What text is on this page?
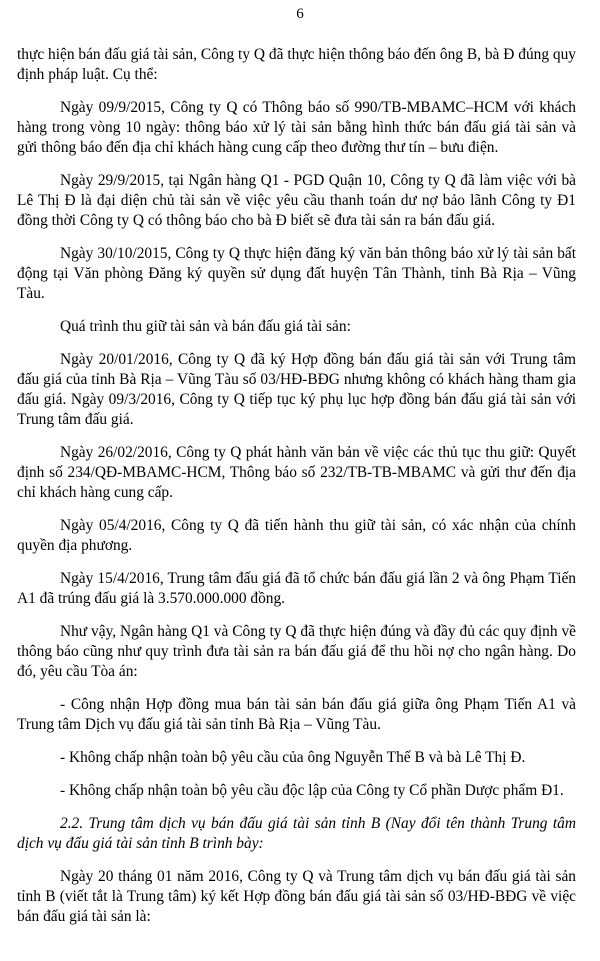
6

thực hiện bán đấu giá tài sản, Công ty Q đã thực hiện thông báo đến ông B, bà Đ đúng quy định pháp luật. Cụ thể:

Ngày 09/9/2015, Công ty Q có Thông báo số 990/TB-MBAMC–HCM với khách hàng trong vòng 10 ngày: thông báo xử lý tài sản bằng hình thức bán đấu giá tài sản và gửi thông báo đến địa chỉ khách hàng cung cấp theo đường thư tín – bưu điện.

Ngày 29/9/2015, tại Ngân hàng Q1 - PGD Quận 10, Công ty Q đã làm việc với bà Lê Thị Đ là đại diện chủ tài sản về việc yêu cầu thanh toán dư nợ bảo lãnh Công ty Đ1 đồng thời Công ty Q có thông báo cho bà Đ biết sẽ đưa tài sản ra bán đấu giá.

Ngày 30/10/2015, Công ty Q thực hiện đăng ký văn bản thông báo xử lý tài sản bất động tại Văn phòng Đăng ký quyền sử dụng đất huyện Tân Thành, tỉnh Bà Rịa – Vũng Tàu.

Quá trình thu giữ tài sản và bán đấu giá tài sản:

Ngày 20/01/2016, Công ty Q đã ký Hợp đồng bán đấu giá tài sản với Trung tâm đấu giá của tỉnh Bà Rịa – Vũng Tàu số 03/HĐ-BĐG nhưng không có khách hàng tham gia đấu giá. Ngày 09/3/2016, Công ty Q tiếp tục ký phụ lục hợp đồng bán đấu giá tài sản với Trung tâm đấu giá.

Ngày 26/02/2016, Công ty Q phát hành văn bản về việc các thủ tục thu giữ: Quyết định số 234/QĐ-MBAMC-HCM, Thông báo số 232/TB-TB-MBAMC và gửi thư đến địa chỉ khách hàng cung cấp.

Ngày 05/4/2016, Công ty Q đã tiến hành thu giữ tài sản, có xác nhận của chính quyền địa phương.

Ngày 15/4/2016, Trung tâm đấu giá đã tổ chức bán đấu giá lần 2 và ông Phạm Tiến A1 đã trúng đấu giá là 3.570.000.000 đồng.

Như vậy, Ngân hàng Q1 và Công ty Q đã thực hiện đúng và đầy đủ các quy định về thông báo cũng như quy trình đưa tài sản ra bán đấu giá để thu hồi nợ cho ngân hàng. Do đó, yêu cầu Tòa án:

- Công nhận Hợp đồng mua bán tài sản bán đấu giá giữa ông Phạm Tiến A1 và Trung tâm Dịch vụ đấu giá tài sản tỉnh Bà Rịa – Vũng Tàu.

- Không chấp nhận toàn bộ yêu cầu của ông Nguyễn Thế B và bà Lê Thị Đ.

- Không chấp nhận toàn bộ yêu cầu độc lập của Công ty Cổ phần Dược phẩm Đ1.

2.2. Trung tâm dịch vụ bán đấu giá tài sản tỉnh B (Nay đổi tên thành Trung tâm dịch vụ đấu giá tài sản tỉnh B trình bày:

Ngày 20 tháng 01 năm 2016, Công ty Q và Trung tâm dịch vụ bán đấu giá tài sản tỉnh B (viết tắt là Trung tâm) ký kết Hợp đồng bán đấu giá tài sản số 03/HĐ-BĐG về việc bán đấu giá tài sản là:
